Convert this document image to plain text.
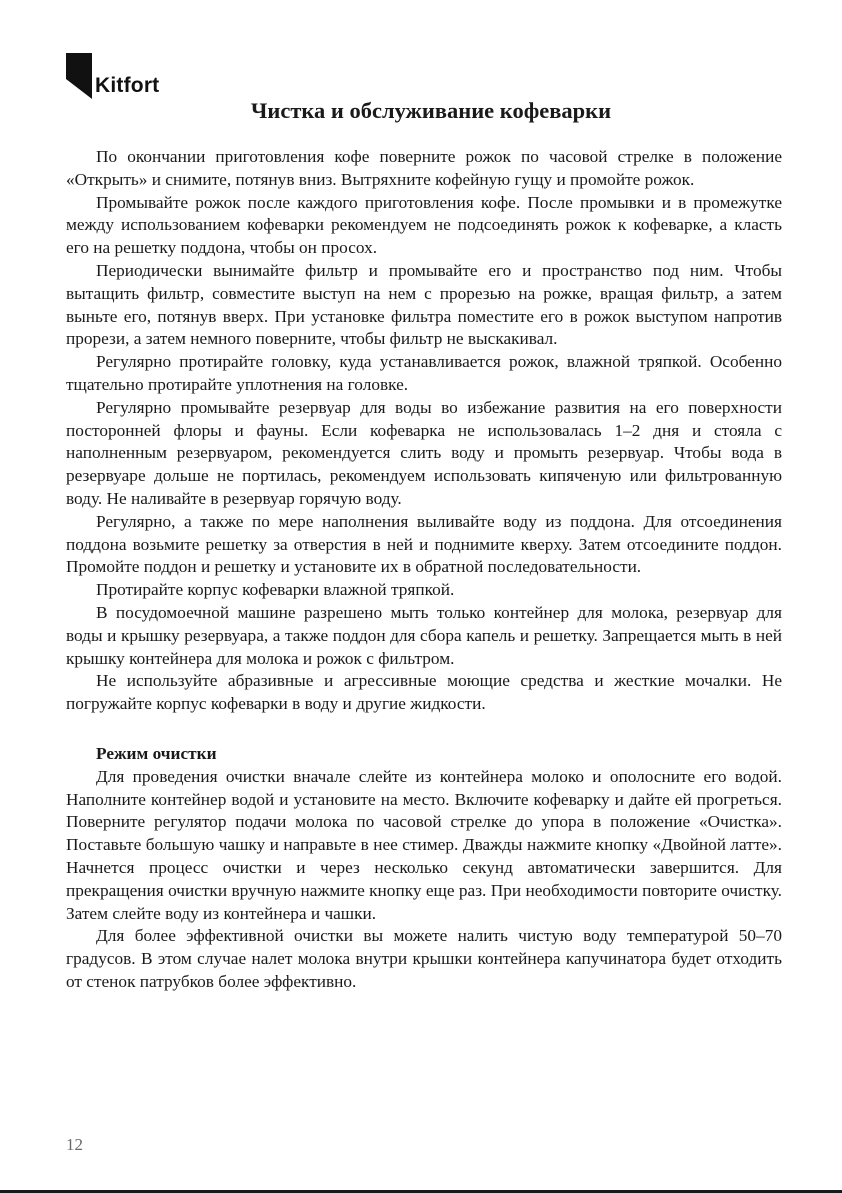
Kitfort
Чистка и обслуживание кофеварки

По окончании приготовления кофе поверните рожок по часовой стрелке в положение «Открыть» и снимите, потянув вниз. Вытряхните кофейную гущу и промойте рожок.

Промывайте рожок после каждого приготовления кофе. После промывки и в промежутке между использованием кофеварки рекомендуем не подсоединять рожок к кофеварке, а класть его на решетку поддона, чтобы он просох.

Периодически вынимайте фильтр и промывайте его и пространство под ним. Чтобы вытащить фильтр, совместите выступ на нем с прорезью на рожке, вращая фильтр, а затем выньте его, потянув вверх. При установке фильтра поместите его в рожок выступом напротив прорези, а затем немного поверните, чтобы фильтр не выскакивал.

Регулярно протирайте головку, куда устанавливается рожок, влажной тряпкой. Особенно тщательно протирайте уплотнения на головке.

Регулярно промывайте резервуар для воды во избежание развития на его поверхности посторонней флоры и фауны. Если кофеварка не использовалась 1–2 дня и стояла с наполненным резервуаром, рекомендуется слить воду и промыть резервуар. Чтобы вода в резервуаре дольше не портилась, рекомендуем использовать кипяченую или фильтрованную воду. Не наливайте в резервуар горячую воду.

Регулярно, а также по мере наполнения выливайте воду из поддона. Для отсоединения поддона возьмите решетку за отверстия в ней и поднимите кверху. Затем отсоедините поддон. Промойте поддон и решетку и установите их в обратной последовательности.

Протирайте корпус кофеварки влажной тряпкой.

В посудомоечной машине разрешено мыть только контейнер для молока, резервуар для воды и крышку резервуара, а также поддон для сбора капель и решетку. Запрещается мыть в ней крышку контейнера для молока и рожок с фильтром.

Не используйте абразивные и агрессивные моющие средства и жесткие мочалки. Не погружайте корпус кофеварки в воду и другие жидкости.

Режим очистки

Для проведения очистки вначале слейте из контейнера молоко и ополосните его водой. Наполните контейнер водой и установите на место. Включите кофеварку и дайте ей прогреться. Поверните регулятор подачи молока по часовой стрелке до упора в положение «Очистка». Поставьте большую чашку и направьте в нее стимер. Дважды нажмите кнопку «Двойной латте». Начнется процесс очистки и через несколько секунд автоматически завершится. Для прекращения очистки вручную нажмите кнопку еще раз. При необходимости повторите очистку. Затем слейте воду из контейнера и чашки.

Для более эффективной очистки вы можете налить чистую воду температурой 50–70 градусов. В этом случае налет молока внутри крышки контейнера капучинатора будет отходить от стенок патрубков более эффективно.

12
